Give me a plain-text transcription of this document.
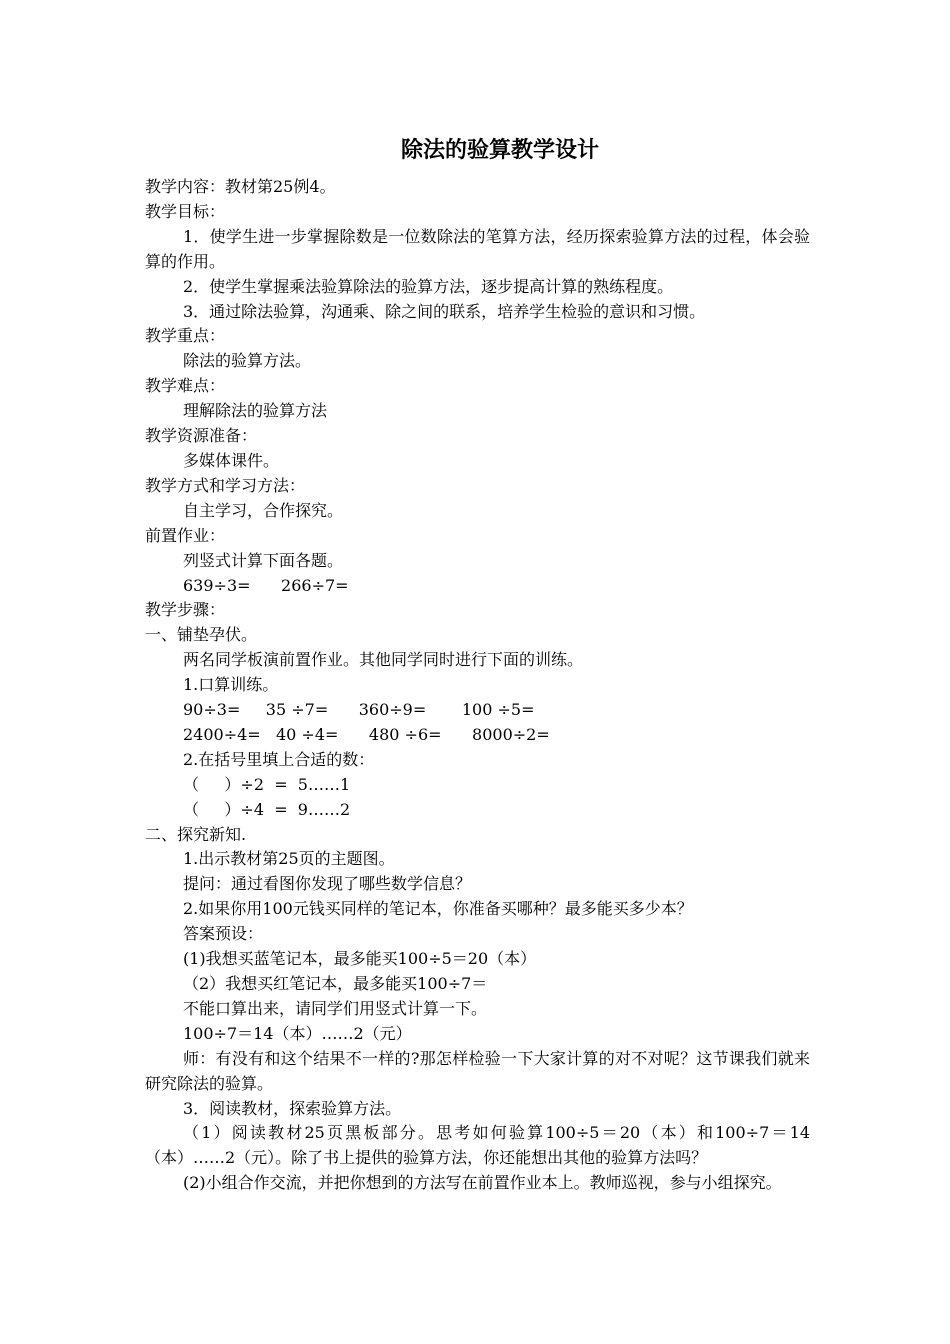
除法的验算教学设计

教学内容：教材第25例4。

教学目标：

1．使学生进一步掌握除数是一位数除法的笔算方法，经历探索验算方法的过程，体会验算的作用。

2．使学生掌握乘法验算除法的验算方法，逐步提高计算的熟练程度。

3．通过除法验算，沟通乘、除之间的联系，培养学生检验的意识和习惯。

教学重点：

除法的验算方法。

教学难点：

理解除法的验算方法

教学资源准备：

多媒体课件。

教学方式和学习方法：

自主学习，合作探究。

前置作业：

列竖式计算下面各题。

639÷3=      266÷7=

教学步骤：

一、铺垫孕伏。

两名同学板演前置作业。其他同学同时进行下面的训练。

1.口算训练。

90÷3=     35 ÷7=      360÷9=       100 ÷5=

2400÷4=   40 ÷4=      480 ÷6=      8000÷2=

2.在括号里填上合适的数：

（     ）÷2  =  5……1

（     ）÷4  =  9……2

二、探究新知.

1.出示教材第25页的主题图。

提问：通过看图你发现了哪些数学信息？

2.如果你用100元钱买同样的笔记本，你准备买哪种？最多能买多少本？

答案预设：

(1)我想买蓝笔记本，最多能买100÷5＝20（本）

（2）我想买红笔记本，最多能买100÷7＝

不能口算出来，请同学们用竖式计算一下。

100÷7＝14（本）……2（元）

师：有没有和这个结果不一样的?那怎样检验一下大家计算的对不对呢？这节课我们就来研究除法的验算。

3．阅读教材，探索验算方法。

（1）阅读教材25页黑板部分。思考如何验算100÷5＝20（本）和100÷7＝14（本）……2（元）。除了书上提供的验算方法，你还能想出其他的验算方法吗？

(2)小组合作交流，并把你想到的方法写在前置作业本上。教师巡视，参与小组探究。
